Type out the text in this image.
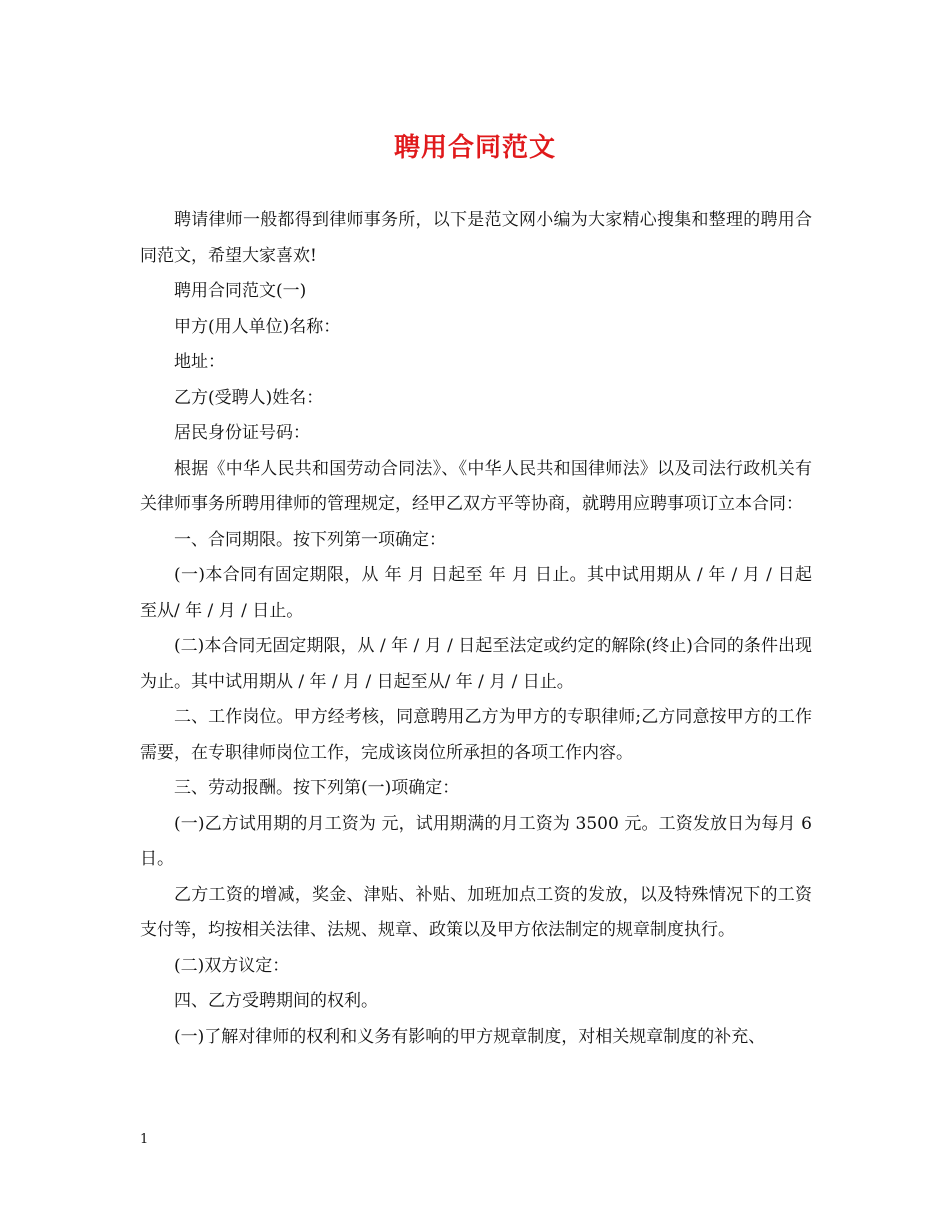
聘用合同范文

聘请律师一般都得到律师事务所，以下是范文网小编为大家精心搜集和整理的聘用合同范文，希望大家喜欢!

聘用合同范文(一)

甲方(用人单位)名称：

地址：

乙方(受聘人)姓名：

居民身份证号码：

根据《中华人民共和国劳动合同法》、《中华人民共和国律师法》以及司法行政机关有关律师事务所聘用律师的管理规定，经甲乙双方平等协商，就聘用应聘事项订立本合同：

一、合同期限。按下列第一项确定：

(一)本合同有固定期限，从 年 月 日起至 年 月 日止。其中试用期从 / 年 / 月 / 日起至从/ 年 / 月 / 日止。

(二)本合同无固定期限，从 / 年 / 月 / 日起至法定或约定的解除(终止)合同的条件出现为止。其中试用期从 / 年 / 月 / 日起至从/ 年 / 月 / 日止。

二、工作岗位。甲方经考核，同意聘用乙方为甲方的专职律师;乙方同意按甲方的工作需要，在专职律师岗位工作，完成该岗位所承担的各项工作内容。

三、劳动报酬。按下列第(一)项确定：

(一)乙方试用期的月工资为 元，试用期满的月工资为 3500 元。工资发放日为每月 6 日。

乙方工资的增减，奖金、津贴、补贴、加班加点工资的发放，以及特殊情况下的工资支付等，均按相关法律、法规、规章、政策以及甲方依法制定的规章制度执行。

(二)双方议定：

四、乙方受聘期间的权利。

(一)了解对律师的权利和义务有影响的甲方规章制度，对相关规章制度的补充、

1
